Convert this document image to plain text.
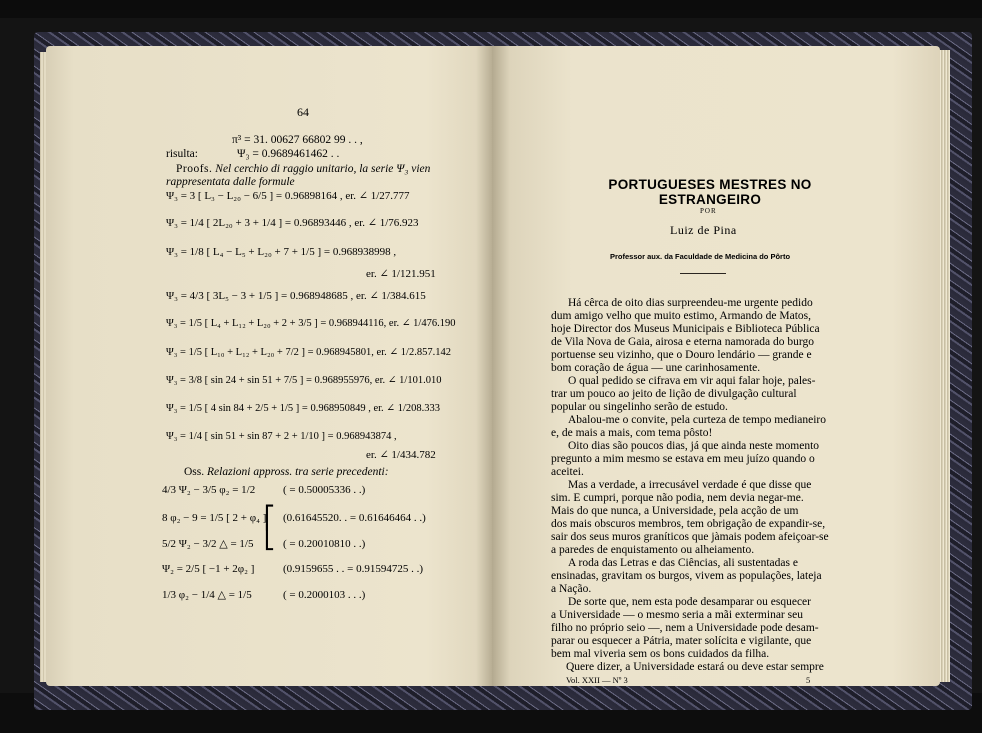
64
π³ = 31. 00627 66802 99 . . ,
risulta:	Ψ₃ = 0.9689461462 . .
Proofs. Nel cerchio di raggio unitario, la serie Ψ₃ vien
rappresentata dalle formule
Ψ₃ = 3 [ L₃ − L₂₀ − 6/5 ] = 0.96898164 , er. ∠ 1/27.777
Ψ₃ = 1/4 [ 2L₂₀ + 3 + 1/4 ] = 0.96893446 , er. ∠ 1/76.923
Ψ₃ = 1/8 [ L₄ − L₅ + L₂₀ + 7 + 1/5 ] = 0.968938998 ,
er. ∠ 1/121.951
Ψ₃ = 4/3 [ 3L₅ − 3 + 1/5 ] = 0.968948685 , er. ∠ 1/384.615
Ψ₃ = 1/5 [ L₄ + L₁₂ + L₂₀ + 2 + 3/5 ] = 0.968944116, er. ∠ 1/476.190
Ψ₃ = 1/5 [ L₁₀ + L₁₂ + L₂₀ + 7/2 ] = 0.968945801, er. ∠ 1/2.857.142
Ψ₃ = 3/8 [ sin 24 + sin 51 + 7/5 ] = 0.968955976, er. ∠ 1/101.010
Ψ₃ = 1/5 [ 4 sin 84 + 2/5 + 1/5 ] = 0.968950849 , er. ∠ 1/208.333
Ψ₃ = 1/4 [ sin 51 + sin 87 + 2 + 1/10 ] = 0.968943874 ,
er. ∠ 1/434.782
Oss. Relazioni appross. tra serie precedenti:
4/3 Ψ₂ − 3/5 φ₂ = 1/2	( = 0.50005336 . .)
8 φ₂ − 9 = 1/5 [ 2 + φ₄ ] (0.61645520. . = 0.61646464 . .)
5/2 Ψ₂ − 3/2 △ = 1/5	( = 0.20010810 . .)
Ψ₂ = 2/5 [ −1 + 2φ₂ ]	(0.9159655 . . = 0.91594725 . .)
1/3 φ₂ − 1/4 △ = 1/5	( = 0.2000103 . . .)
⎡
⎣
PORTUGUESES MESTRES NO ESTRANGEIRO
POR
Luiz de Pina
Professor aux. da Faculdade de Medicina do Pôrto
Há cêrca de oito dias surpreendeu-me urgente pedido
dum amigo velho que muito estimo, Armando de Matos,
hoje Director dos Museus Municipais e Biblioteca Pública
de Vila Nova de Gaia, airosa e eterna namorada do burgo
portuense seu vizinho, que o Douro lendário — grande e
bom coração de água — une carinhosamente.
O qual pedido se cifrava em vir aqui falar hoje, pales-
trar um pouco ao jeito de lição de divulgação cultural
popular ou singelinho serão de estudo.
Abalou-me o convite, pela curteza de tempo medianeiro
e, de mais a mais, com tema pôsto!
Oito dias são poucos dias, já que ainda neste momento
pregunto a mim mesmo se estava em meu juízo quando o
aceitei.
Mas a verdade, a irrecusável verdade é que disse que
sim. E cumpri, porque não podia, nem devia negar-me.
Mais do que nunca, a Universidade, pela acção de um
dos mais obscuros membros, tem obrigação de expandir-se,
sair dos seus muros graníticos que jàmais podem afeiçoar-se
a paredes de enquistamento ou alheiamento.
A roda das Letras e das Ciências, ali sustentadas e
ensinadas, gravitam os burgos, vivem as populações, lateja
a Nação.
De sorte que, nem esta pode desamparar ou esquecer
a Universidade — o mesmo seria a mãi exterminar seu
filho no próprio seio —, nem a Universidade pode desam-
parar ou esquecer a Pátria, mater solícita e vigilante, que
bem mal viveria sem os bons cuidados da filha.
Quere dizer, a Universidade estará ou deve estar sempre
Vol. XXII — Nº 3	5
